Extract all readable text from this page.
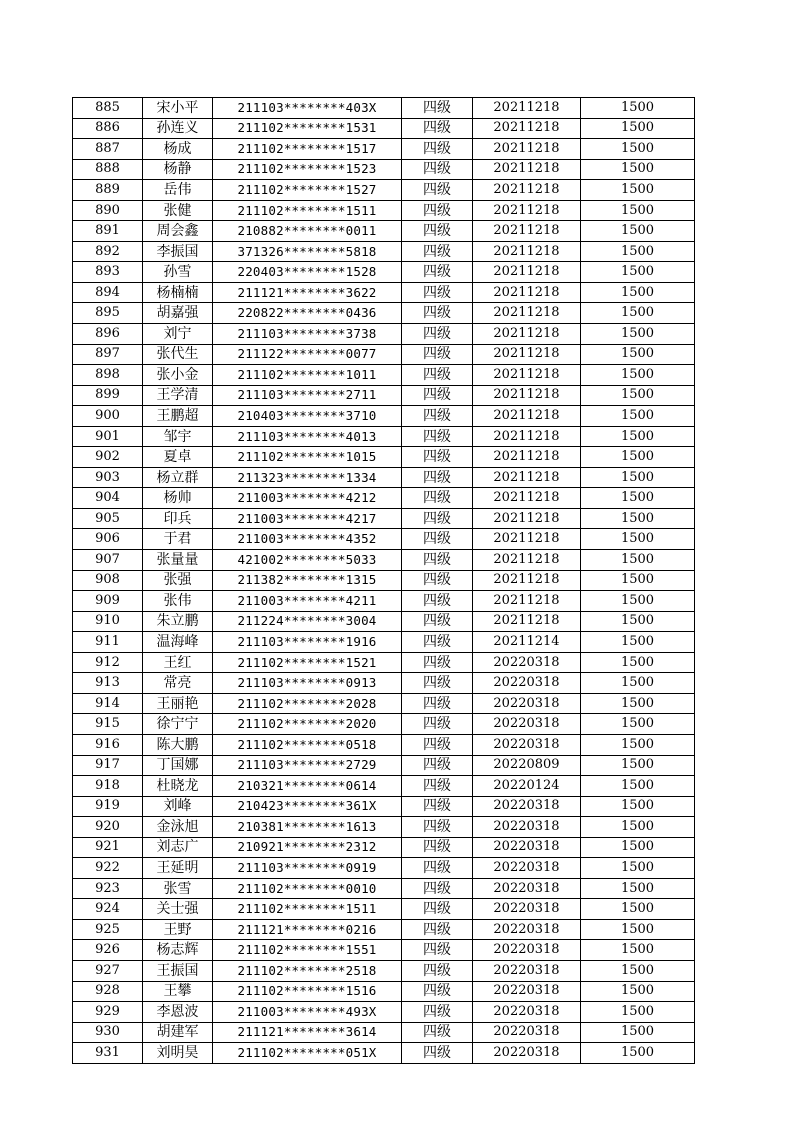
885	宋小平	211103********403X	四级	20211218	1500
886	孙连义	211102********1531	四级	20211218	1500
887	杨成	211102********1517	四级	20211218	1500
888	杨静	211102********1523	四级	20211218	1500
889	岳伟	211102********1527	四级	20211218	1500
890	张健	211102********1511	四级	20211218	1500
891	周会鑫	210882********0011	四级	20211218	1500
892	李振国	371326********5818	四级	20211218	1500
893	孙雪	220403********1528	四级	20211218	1500
894	杨楠楠	211121********3622	四级	20211218	1500
895	胡嘉强	220822********0436	四级	20211218	1500
896	刘宁	211103********3738	四级	20211218	1500
897	张代生	211122********0077	四级	20211218	1500
898	张小金	211102********1011	四级	20211218	1500
899	王学清	211103********2711	四级	20211218	1500
900	王鹏超	210403********3710	四级	20211218	1500
901	邹宇	211103********4013	四级	20211218	1500
902	夏卓	211102********1015	四级	20211218	1500
903	杨立群	211323********1334	四级	20211218	1500
904	杨帅	211003********4212	四级	20211218	1500
905	印兵	211003********4217	四级	20211218	1500
906	于君	211003********4352	四级	20211218	1500
907	张量量	421002********5033	四级	20211218	1500
908	张强	211382********1315	四级	20211218	1500
909	张伟	211003********4211	四级	20211218	1500
910	朱立鹏	211224********3004	四级	20211218	1500
911	温海峰	211103********1916	四级	20211214	1500
912	王红	211102********1521	四级	20220318	1500
913	常亮	211103********0913	四级	20220318	1500
914	王丽艳	211102********2028	四级	20220318	1500
915	徐宁宁	211102********2020	四级	20220318	1500
916	陈大鹏	211102********0518	四级	20220318	1500
917	丁国娜	211103********2729	四级	20220809	1500
918	杜晓龙	210321********0614	四级	20220124	1500
919	刘峰	210423********361X	四级	20220318	1500
920	金泳旭	210381********1613	四级	20220318	1500
921	刘志广	210921********2312	四级	20220318	1500
922	王延明	211103********0919	四级	20220318	1500
923	张雪	211102********0010	四级	20220318	1500
924	关士强	211102********1511	四级	20220318	1500
925	王野	211121********0216	四级	20220318	1500
926	杨志辉	211102********1551	四级	20220318	1500
927	王振国	211102********2518	四级	20220318	1500
928	王攀	211102********1516	四级	20220318	1500
929	李恩波	211003********493X	四级	20220318	1500
930	胡建军	211121********3614	四级	20220318	1500
931	刘明昊	211102********051X	四级	20220318	1500
